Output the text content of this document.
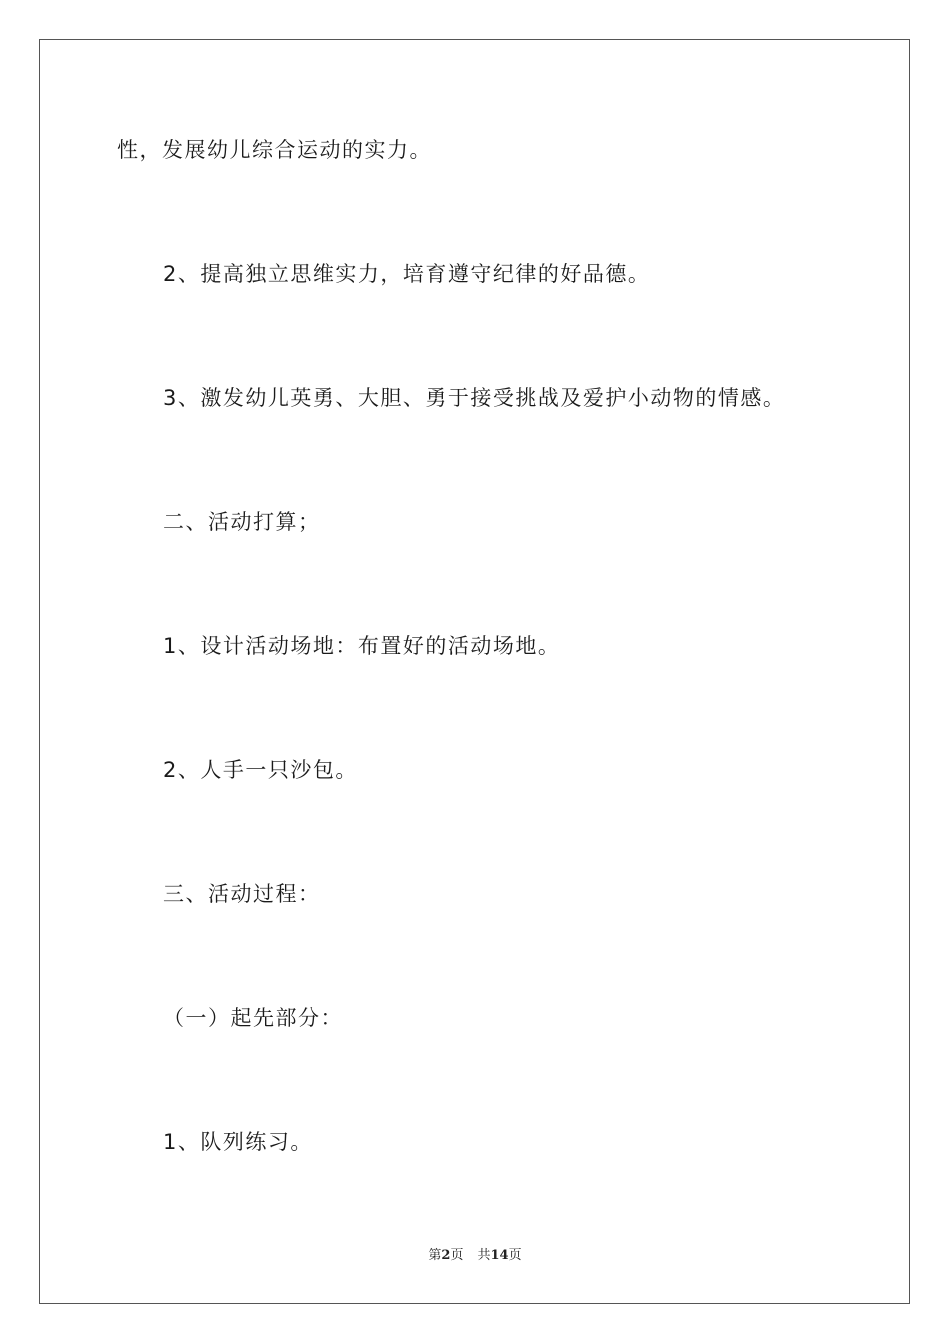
性，发展幼儿综合运动的实力。

2、提高独立思维实力，培育遵守纪律的好品德。

3、激发幼儿英勇、大胆、勇于接受挑战及爱护小动物的情感。

二、活动打算；

1、设计活动场地：布置好的活动场地。

2、人手一只沙包。

三、活动过程：

（一）起先部分：

1、队列练习。

第2页 共14页
